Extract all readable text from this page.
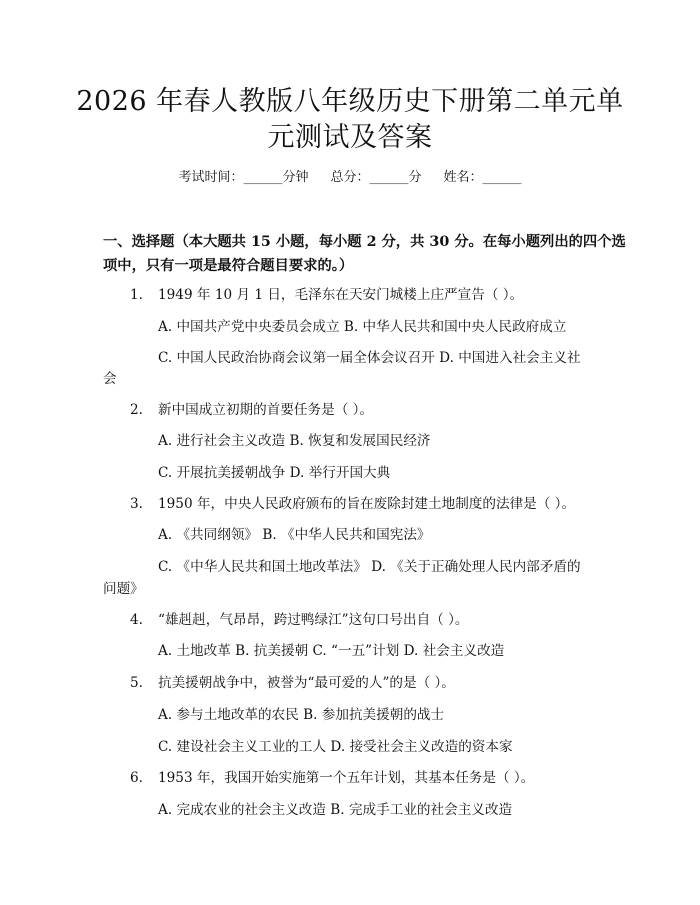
2026 年春人教版八年级历史下册第二单元单
元测试及答案
考试时间：______分钟 总分：______分 姓名：______
一、选择题（本大题共 15 小题，每小题 2 分，共 30 分。在每小题列出的四个选
项中，只有一项是最符合题目要求的。）
1. 1949 年 10 月 1 日，毛泽东在天安门城楼上庄严宣告（ ）。
A. 中国共产党中央委员会成立 B. 中华人民共和国中央人民政府成立
C. 中国人民政治协商会议第一届全体会议召开 D. 中国进入社会主义社
会
2. 新中国成立初期的首要任务是（ ）。
A. 进行社会主义改造 B. 恢复和发展国民经济
C. 开展抗美援朝战争 D. 举行开国大典
3. 1950 年，中央人民政府颁布的旨在废除封建土地制度的法律是（ ）。
A. 《共同纲领》 B. 《中华人民共和国宪法》
C. 《中华人民共和国土地改革法》 D. 《关于正确处理人民内部矛盾的
问题》
4. “雄赳赳，气昂昂，跨过鸭绿江”这句口号出自（ ）。
A. 土地改革 B. 抗美援朝 C. “一五”计划 D. 社会主义改造
5. 抗美援朝战争中，被誉为“最可爱的人”的是（ ）。
A. 参与土地改革的农民 B. 参加抗美援朝的战士
C. 建设社会主义工业的工人 D. 接受社会主义改造的资本家
6. 1953 年，我国开始实施第一个五年计划，其基本任务是（ ）。
A. 完成农业的社会主义改造 B. 完成手工业的社会主义改造
